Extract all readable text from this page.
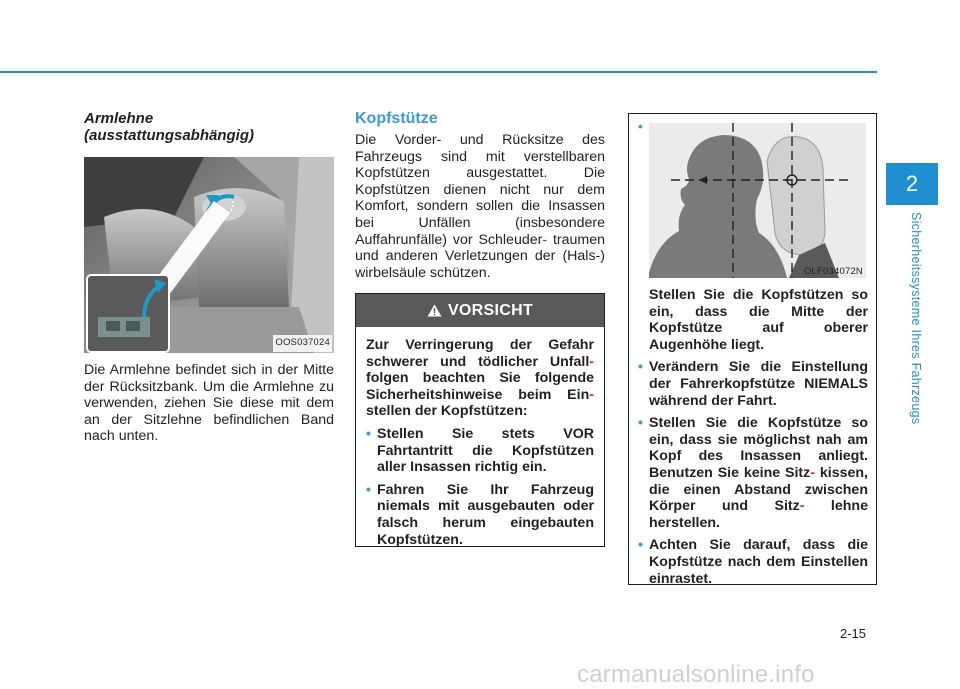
Armlehne
(ausstattungsabhängig)
OOS037024

Die Armlehne befindet sich in der Mitte der Rücksitzbank. Um die Armlehne zu verwenden, ziehen Sie diese mit dem an der Sitzlehne befindlichen Band nach unten.

Kopfstütze

Die Vorder- und Rücksitze des Fahrzeugs sind mit verstellbaren Kopfstützen ausgestattet. Die Kopfstützen dienen nicht nur dem Komfort, sondern sollen die Insassen bei Unfällen (insbesondere Auffahrunfälle) vor Schleuder- traumen und anderen Verletzungen der (Hals-) wirbelsäule schützen.

VORSICHT

Zur Verringerung der Gefahr schwerer und tödlicher Unfall- folgen beachten Sie folgende Sicherheitshinweise beim Ein- stellen der Kopfstützen:

• Stellen Sie stets VOR Fahrtantritt die Kopfstützen aller Insassen richtig ein.
• Fahren Sie Ihr Fahrzeug niemals mit ausgebauten oder falsch herum eingebauten Kopfstützen.
•
OLF034072N

Stellen Sie die Kopfstützen so ein, dass die Mitte der Kopfstütze auf oberer Augenhöhe liegt.

• Verändern Sie die Einstellung der Fahrerkopfstütze NIEMALS während der Fahrt.
• Stellen Sie die Kopfstütze so ein, dass sie möglichst nah am Kopf des Insassen anliegt. Benutzen Sie keine Sitz- kissen, die einen Abstand zwischen Körper und Sitz- lehne herstellen.
• Achten Sie darauf, dass die Kopfstütze nach dem Einstellen einrastet.
2
Sicherheitssysteme Ihres Fahrzeugs
2-15
carmanualsonline.info
